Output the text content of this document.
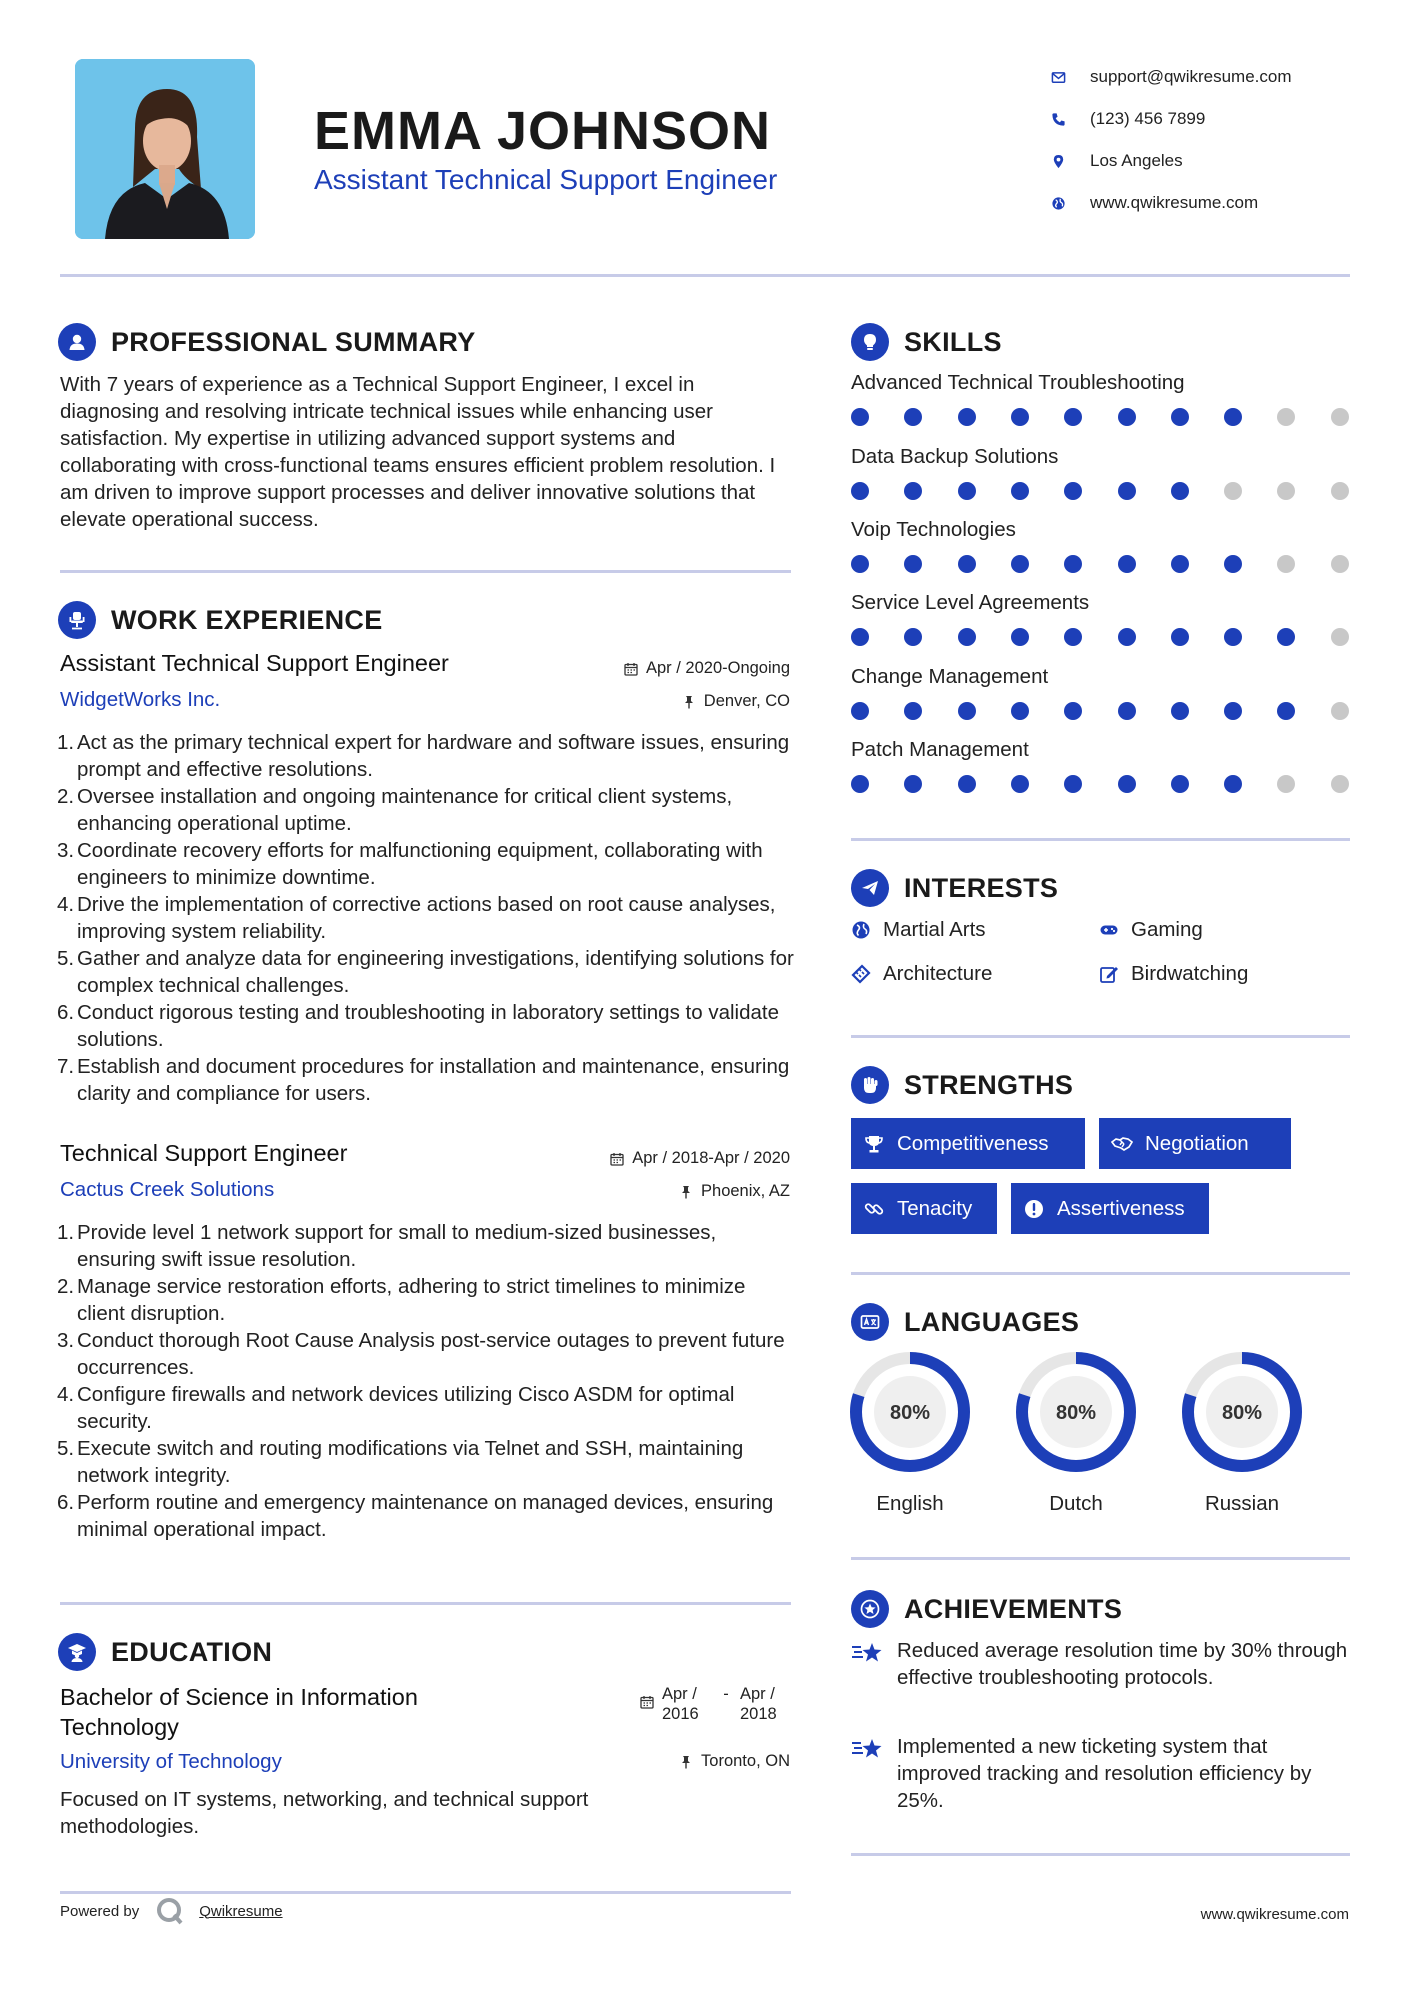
EMMA JOHNSON
Assistant Technical Support Engineer
support@qwikresume.com
(123) 456 7899
Los Angeles
www.qwikresume.com
PROFESSIONAL SUMMARY
With 7 years of experience as a Technical Support Engineer, I excel in diagnosing and resolving intricate technical issues while enhancing user satisfaction. My expertise in utilizing advanced support systems and collaborating with cross-functional teams ensures efficient problem resolution. I am driven to improve support processes and deliver innovative solutions that elevate operational success.
WORK EXPERIENCE
Assistant Technical Support Engineer	Apr / 2020-Ongoing
WidgetWorks Inc.	Denver, CO
1. Act as the primary technical expert for hardware and software issues, ensuring prompt and effective resolutions.
2. Oversee installation and ongoing maintenance for critical client systems, enhancing operational uptime.
3. Coordinate recovery efforts for malfunctioning equipment, collaborating with engineers to minimize downtime.
4. Drive the implementation of corrective actions based on root cause analyses, improving system reliability.
5. Gather and analyze data for engineering investigations, identifying solutions for complex technical challenges.
6. Conduct rigorous testing and troubleshooting in laboratory settings to validate solutions.
7. Establish and document procedures for installation and maintenance, ensuring clarity and compliance for users.
Technical Support Engineer	Apr / 2018-Apr / 2020
Cactus Creek Solutions	Phoenix, AZ
1. Provide level 1 network support for small to medium-sized businesses, ensuring swift issue resolution.
2. Manage service restoration efforts, adhering to strict timelines to minimize client disruption.
3. Conduct thorough Root Cause Analysis post-service outages to prevent future occurrences.
4. Configure firewalls and network devices utilizing Cisco ASDM for optimal security.
5. Execute switch and routing modifications via Telnet and SSH, maintaining network integrity.
6. Perform routine and emergency maintenance on managed devices, ensuring minimal operational impact.
EDUCATION
Bachelor of Science in Information Technology
Apr / 2016
‑ Apr / 2018
University of Technology	Toronto, ON
Focused on IT systems, networking, and technical support methodologies.
SKILLS
Advanced Technical Troubleshooting
Data Backup Solutions
Voip Technologies
Service Level Agreements
Change Management
Patch Management
INTERESTS
Martial Arts	Gaming
Architecture	Birdwatching
STRENGTHS
Competitiveness	Negotiation
Tenacity	Assertiveness
LANGUAGES
80%
English
80%
Dutch
80%
Russian
ACHIEVEMENTS
Reduced average resolution time by 30% through effective troubleshooting protocols.
Implemented a new ticketing system that improved tracking and resolution efficiency by 25%.
Powered by	Qwikresume	www.qwikresume.com
